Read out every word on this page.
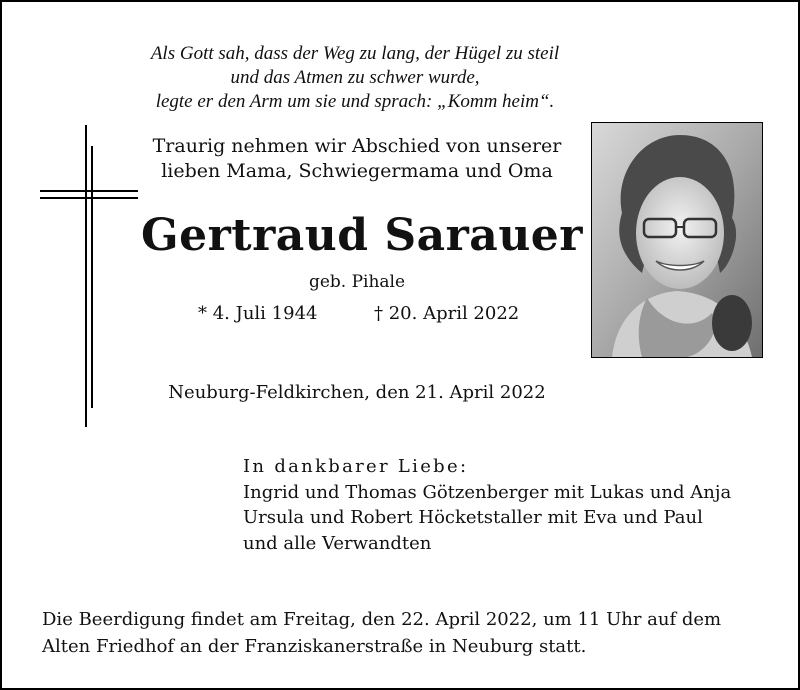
Als Gott sah, dass der Weg zu lang, der Hügel zu steil
und das Atmen zu schwer wurde,
legte er den Arm um sie und sprach: „Komm heim“.
Traurig nehmen wir Abschied von unserer
lieben Mama, Schwiegermama und Oma
Gertraud Sarauer
geb. Pihale
* 4. Juli 1944	† 20. April 2022
Neuburg-Feldkirchen, den 21. April 2022
In dankbarer Liebe:
Ingrid und Thomas Götzenberger mit Lukas und Anja
Ursula und Robert Höcketstaller mit Eva und Paul
und alle Verwandten
Die Beerdigung findet am Freitag, den 22. April 2022, um 11 Uhr auf dem
Alten Friedhof an der Franziskanerstraße in Neuburg statt.
